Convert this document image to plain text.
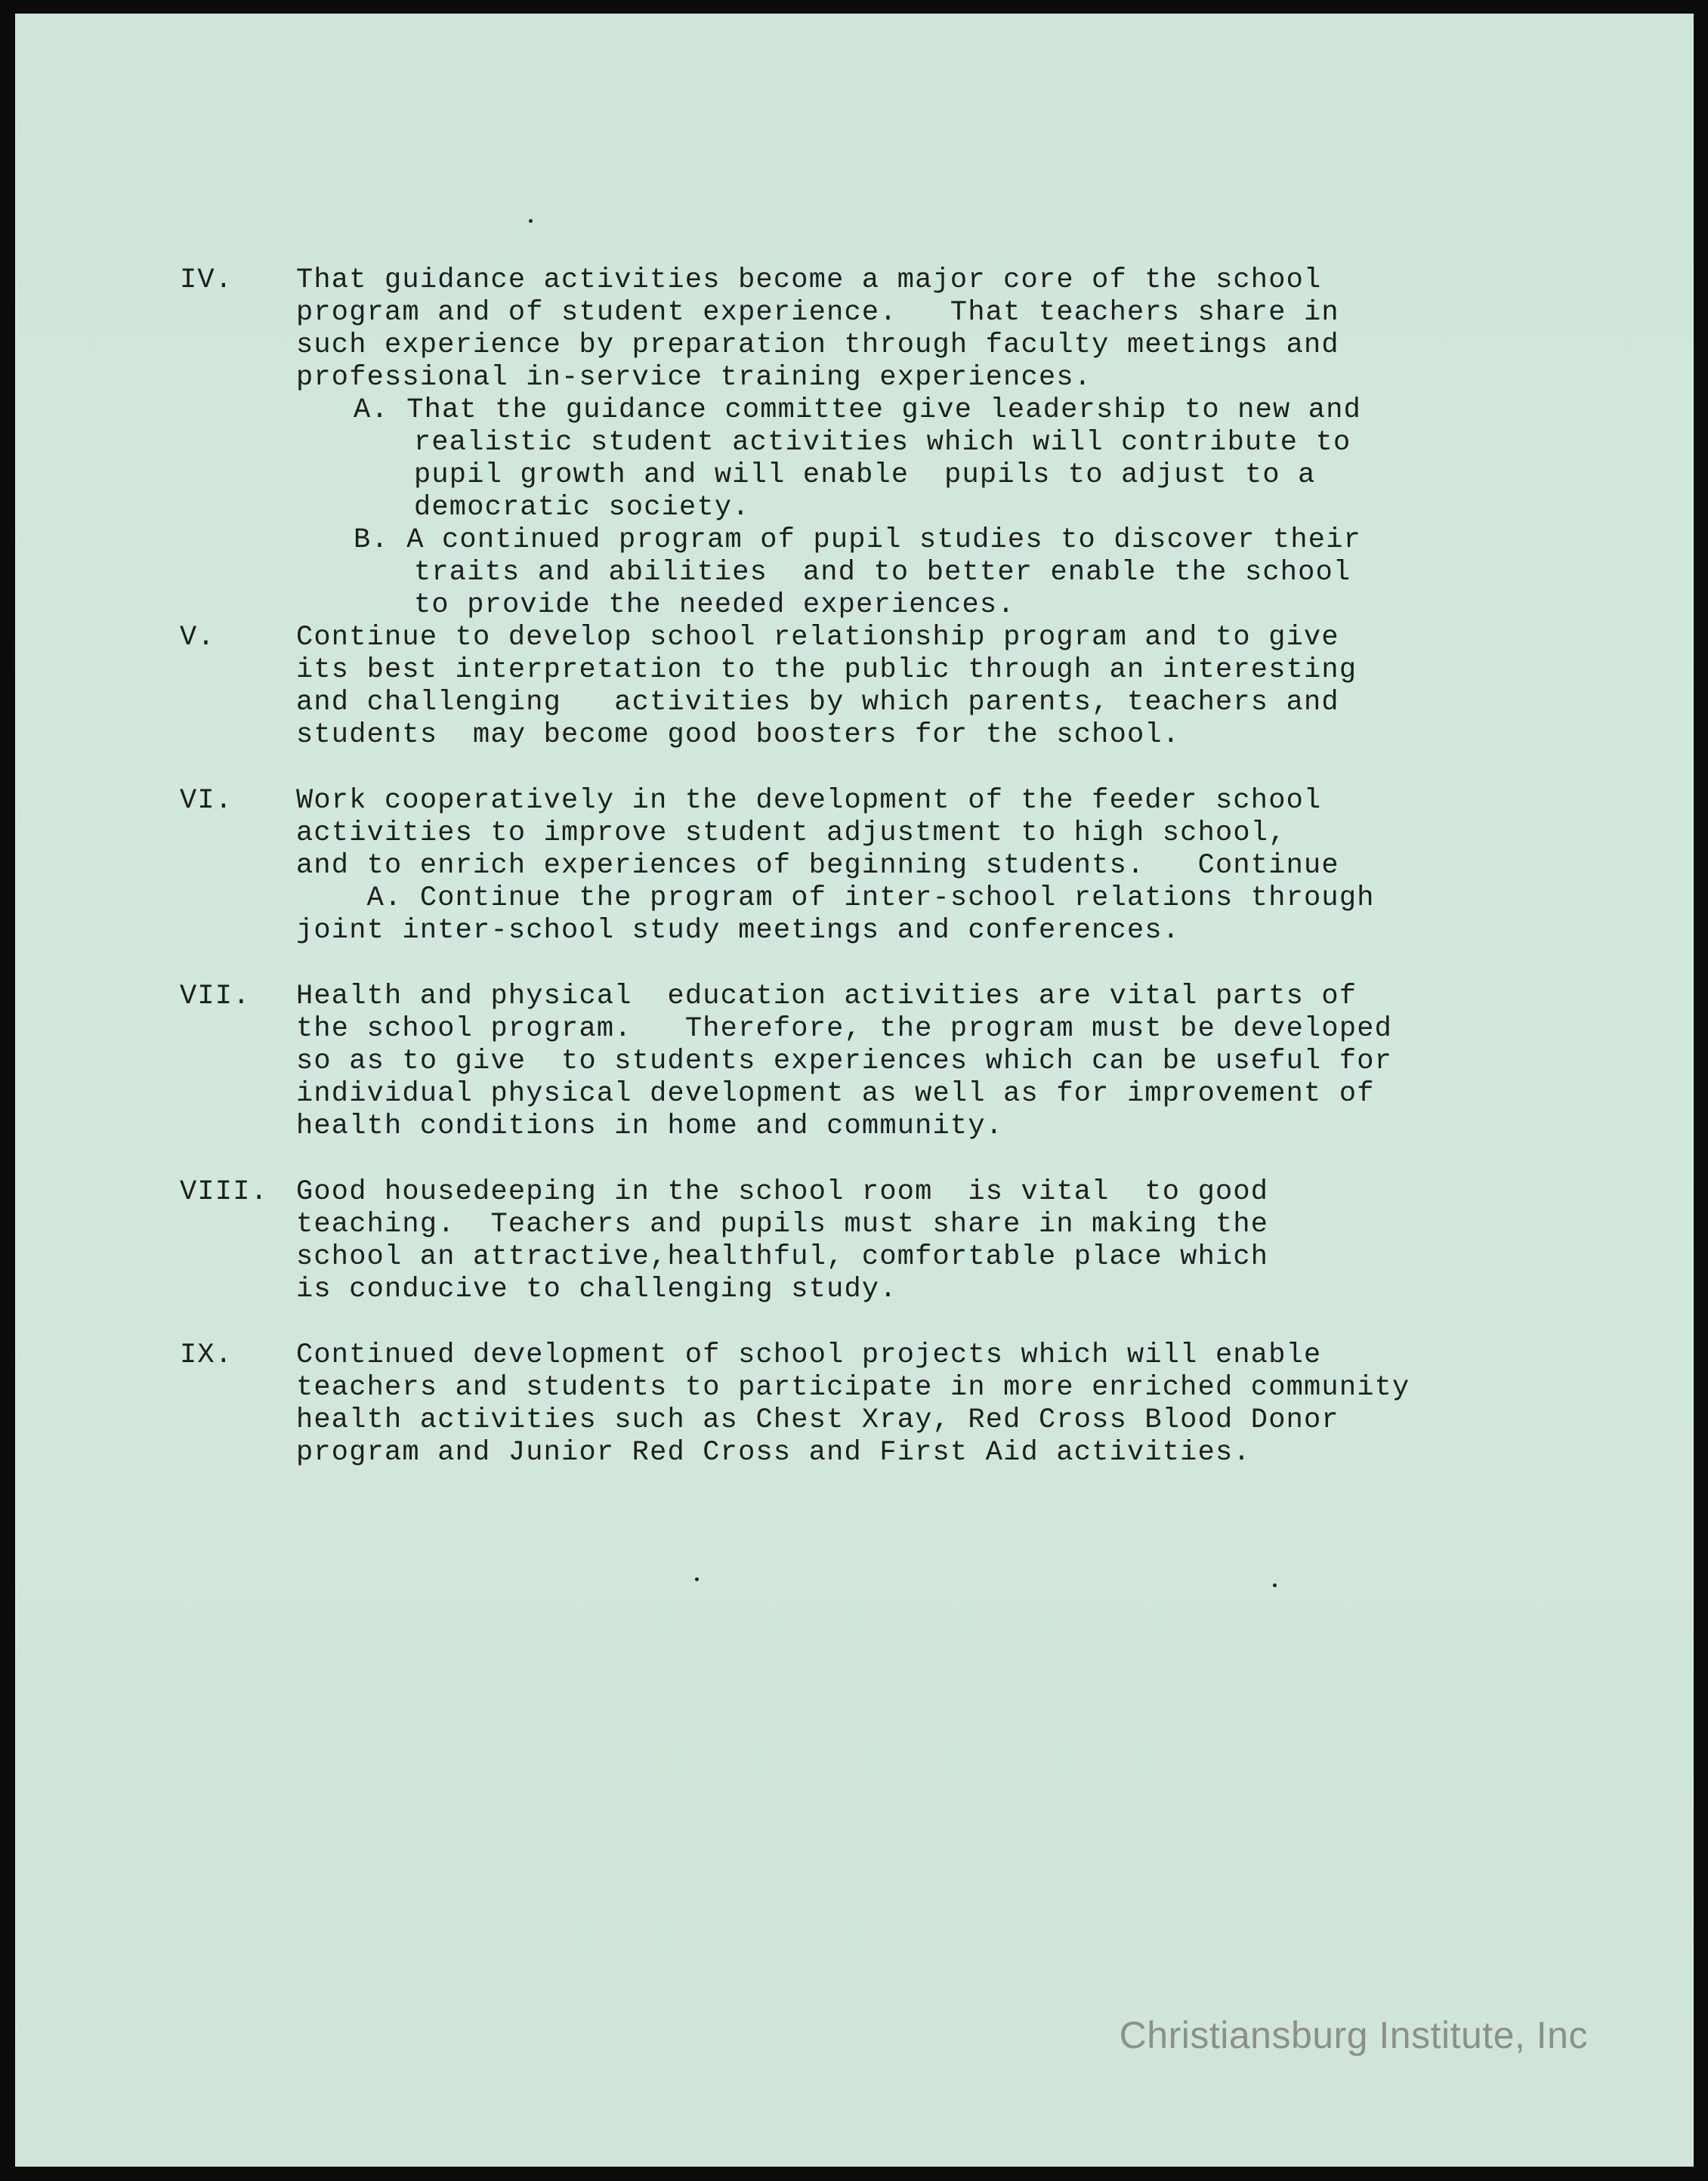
IV. That guidance activities become a major core of the school
program and of student experience.   That teachers share in
such experience by preparation through faculty meetings and
professional in-service training experiences.
A. That the guidance committee give leadership to new and
realistic student activities which will contribute to
pupil growth and will enable  pupils to adjust to a
democratic society.
B. A continued program of pupil studies to discover their
traits and abilities  and to better enable the school
to provide the needed experiences.
V.	Continue to develop school relationship program and to give
its best interpretation to the public through an interesting
and challenging   activities by which parents, teachers and
students  may become good boosters for the school.
VI. Work cooperatively in the development of the feeder school
activities to improve student adjustment to high school,
and to enrich experiences of beginning students.   Continue
A. Continue the program of inter-school relations through
joint inter-school study meetings and conferences.
VII. Health and physical  education activities are vital parts of
the school program.   Therefore, the program must be developed
so as to give  to students experiences which can be useful for
individual physical development as well as for improvement of
health conditions in home and community.
VIII. Good housedeeping in the school room  is vital  to good
teaching.  Teachers and pupils must share in making the
school an attractive,healthful, comfortable place which
is conducive to challenging study.
IX. Continued development of school projects which will enable
teachers and students to participate in more enriched community
health activities such as Chest Xray, Red Cross Blood Donor
program and Junior Red Cross and First Aid activities.
Christiansburg Institute, Inc
